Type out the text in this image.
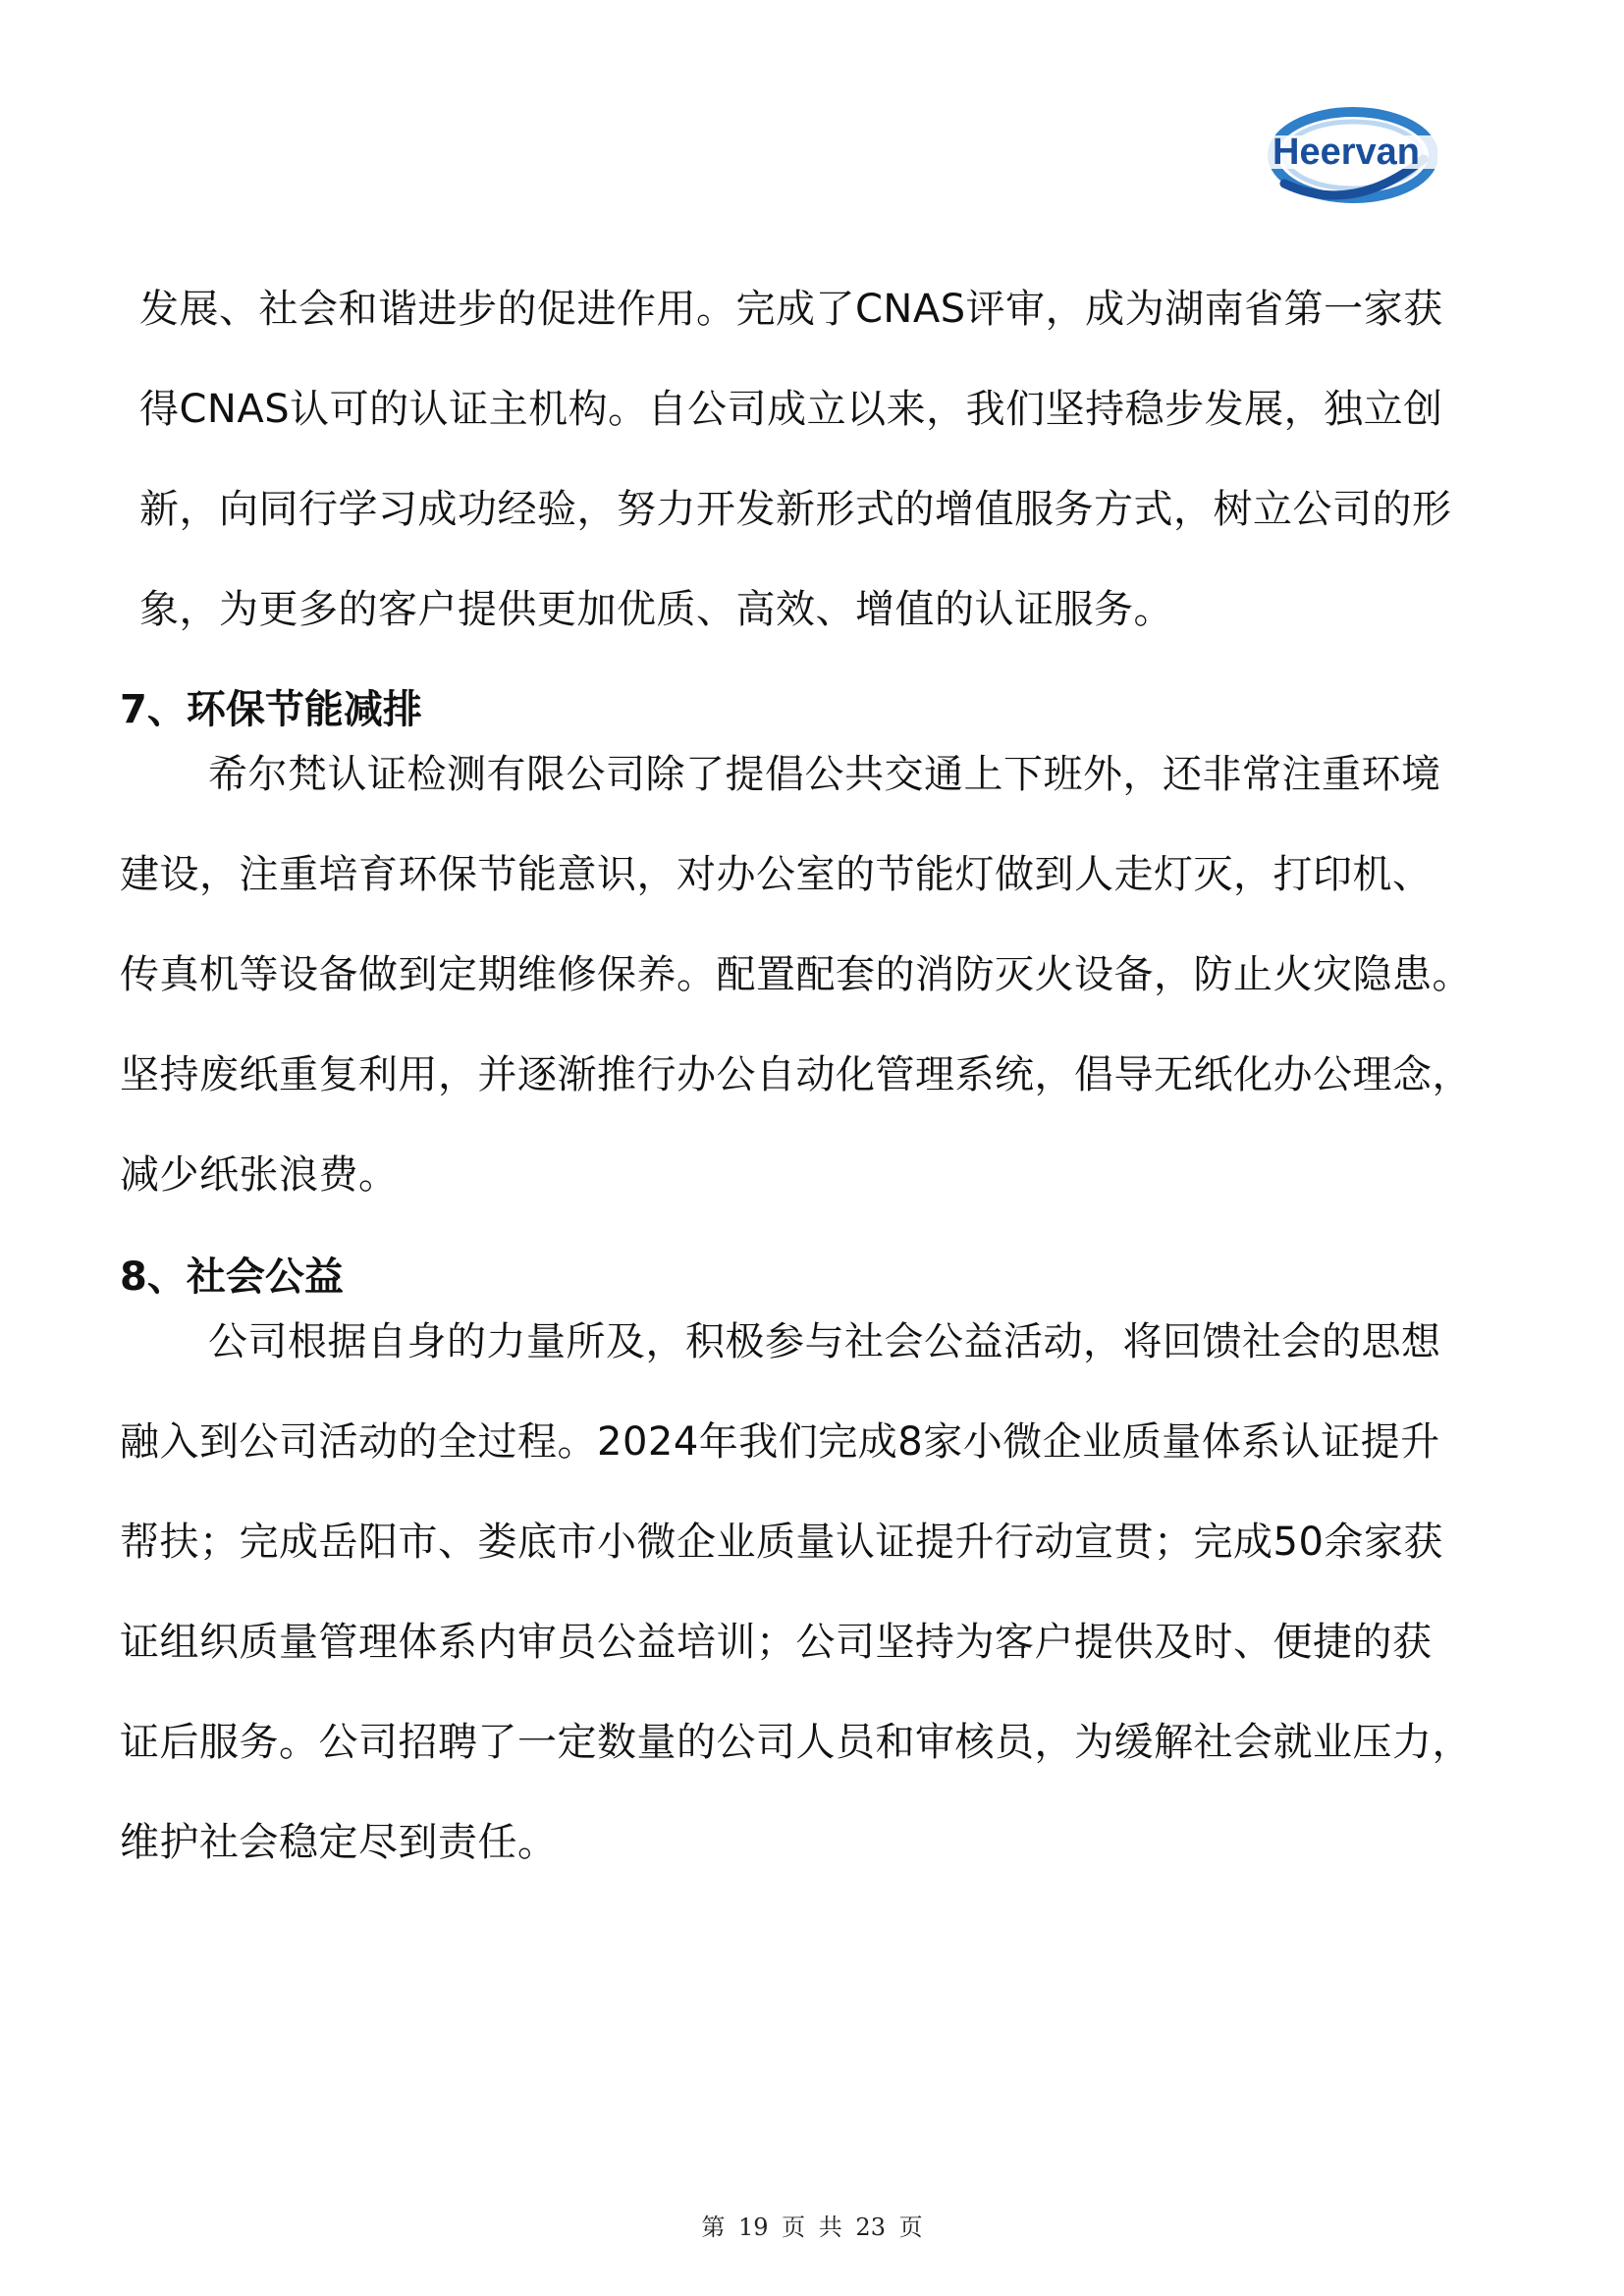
Heervan
发展、社会和谐进步的促进作用。完成了CNAS评审，成为湖南省第一家获
得CNAS认可的认证主机构。自公司成立以来，我们坚持稳步发展，独立创
新，向同行学习成功经验，努力开发新形式的增值服务方式，树立公司的形
象，为更多的客户提供更加优质、高效、增值的认证服务。
7、环保节能减排
希尔梵认证检测有限公司除了提倡公共交通上下班外，还非常注重环境
建设，注重培育环保节能意识，对办公室的节能灯做到人走灯灭，打印机、
传真机等设备做到定期维修保养。配置配套的消防灭火设备，防止火灾隐患。
坚持废纸重复利用，并逐渐推行办公自动化管理系统，倡导无纸化办公理念，
减少纸张浪费。
8、社会公益
公司根据自身的力量所及，积极参与社会公益活动，将回馈社会的思想
融入到公司活动的全过程。2024年我们完成8家小微企业质量体系认证提升
帮扶；完成岳阳市、娄底市小微企业质量认证提升行动宣贯；完成50余家获
证组织质量管理体系内审员公益培训；公司坚持为客户提供及时、便捷的获
证后服务。公司招聘了一定数量的公司人员和审核员，为缓解社会就业压力，
维护社会稳定尽到责任。
第 19 页 共 23 页
